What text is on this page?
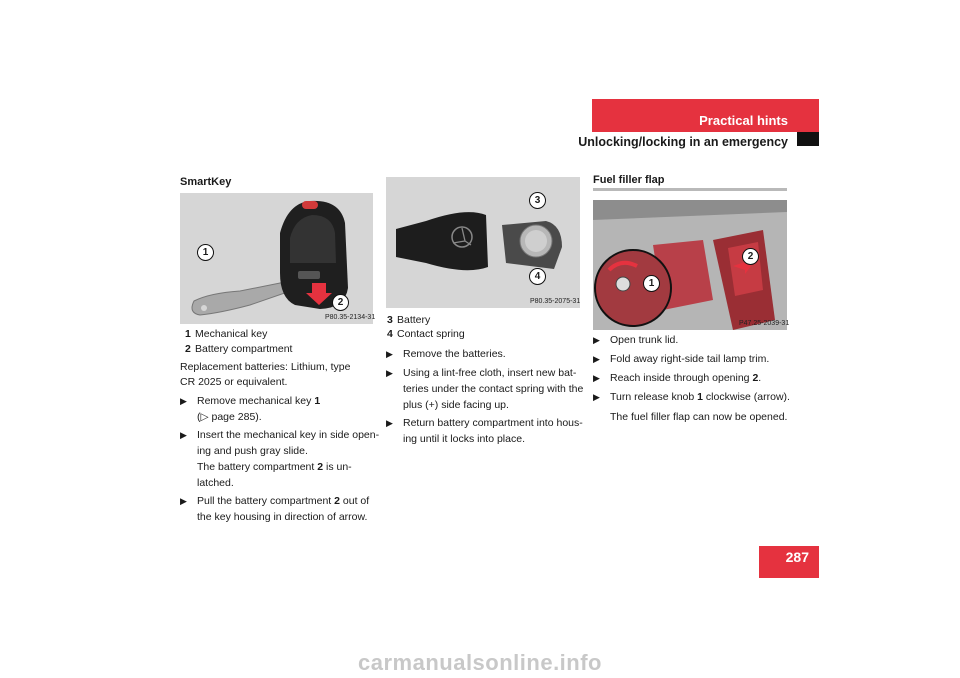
Practical hints
Unlocking/locking in an emergency
SmartKey
1
2
P80.35-2134-31
1 Mechanical key
2 Battery compartment
Replacement batteries: Lithium, type
CR 2025 or equivalent.
▶ Remove mechanical key 1
(▷ page 285).
▶ Insert the mechanical key in side open-
ing and push gray slide.
The battery compartment 2 is un-
latched.
▶ Pull the battery compartment 2 out of
the key housing in direction of arrow.
3
4
P80.35-2075-31
3 Battery
4 Contact spring
▶ Remove the batteries.
▶ Using a lint-free cloth, insert new bat-
teries under the contact spring with the
plus (+) side facing up.
▶ Return battery compartment into hous-
ing until it locks into place.
Fuel filler flap
1
2
P47.25-2039-31
▶ Open trunk lid.
▶ Fold away right-side tail lamp trim.
▶ Reach inside through opening 2.
▶ Turn release knob 1 clockwise (arrow).
The fuel filler flap can now be opened.
287
carmanualsonline.info
